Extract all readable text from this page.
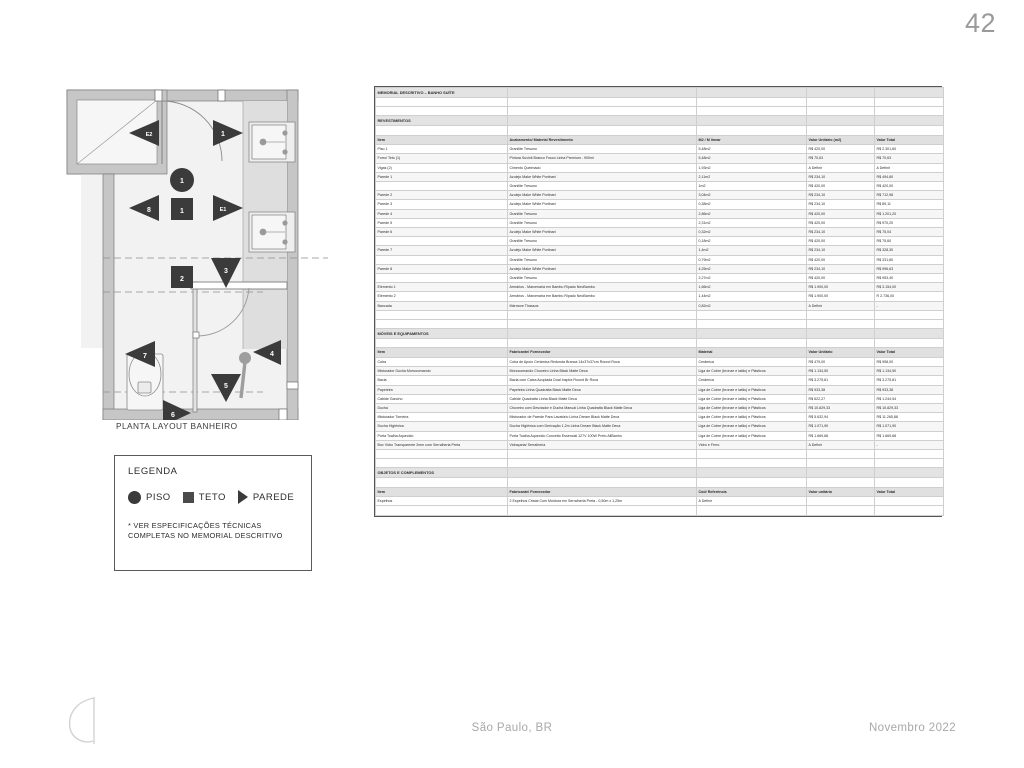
42
E2	1
1
1
8	E1
2
3
7	4
5
6
PLANTA LAYOUT BANHEIRO
LEGENDA
PISO	TETO	PAREDE
* VER ESPECIFICAÇÕES TÉCNICAS
COMPLETAS NO MEMORIAL DESCRITIVO
MEMORIAL DESCRITIVO – BANHO SUÍTE				

REVESTIMENTOS				

Item	Acabamento/ Material Revestimento	M2 / M linear	Valor Unitário (m2)	Valor Total
Piso 1	Granilite Tresuno	5,48m2	R$ 420,00	R$ 2.301,60
Forro/ Teto (1)	Pintura Suvinil Branco Fosco Linha Premium - 900ml	5,48m2	R$ 70,63	R$ 70,63
Vigas (2)	Cimento Queimado	1,93m2	A Definir	A Definir
Parede 1	Azulejo Make White Portinari	2,11m2	R$ 234,10	R$ 494,80
	Granilite Tresuno	1m2	R$ 420,00	R$ 420,00
Parede 2	Azulejo Make White Portinari	3,04m2	R$ 234,10	R$ 712,98
Parede 3	Azulejo Make White Portinari	0,38m2	R$ 234,10	R$ 89,11
Parede 4	Granilite Tresuno	2,86m2	R$ 420,00	R$ 1.201,20
Parede 5	Granilite Tresuno	2,31m2	R$ 420,00	R$ 970,20
Parede 6	Azulejo Make White Portinari	0,32m2	R$ 234,10	R$ 75,04
	Granilite Tresuno	0,18m2	R$ 420,00	R$ 75,60
Parede 7	Azulejo Make White Portinari	1,4m2	R$ 234,10	R$ 328,30
	Granilite Tresuno	0,79m2	R$ 420,00	R$ 331,80
Parede 8	Azulejo Make White Portinari	4,25m2	R$ 234,10	R$ 996,63
	Granilite Tresuno	2,27m2	R$ 420,00	R$ 953,40
Elemento 1	Armários - Marcenaria em Bambu Ripado NeoBambu	1,66m2	R$ 1.900,00	R$ 3.154,00
Elemento 2	Armários - Marcenaria em Bambu Ripado NeoBambu	1,44m2	R$ 1.900,00	R 2.736,00
Bancada	Mármore Thassos	0,82m2	A Definir	-

MÓVEIS E EQUIPAMENTOS				

Item	Fabricante/ Fornecedor	Material	Valor Unitário	Valor Total
Cuba	Cuba de Apoio Cerâmica Redonda Branca 14x37x37cm Round Roca	Cerâmica	R$ 479,00	R$ 958,00
Misturador Ducha Monocomando	Monocomando Chuveiro Linha Black Matte Deca	Liga de Cobre (bronze e latão) e Plásticos	R$ 1.134,50	R$ 1.134,50
Bacia	Bacia com Caixa Acoplada Dual Inspira Round Br Roca	Cerâmica	R$ 3.275,81	R$ 3.275,81
Papeleira	Papeleira Linha Quadratta Black Matte Deca	Liga de Cobre (bronze e latão) e Plásticos	R$ 933,38	R$ 933,38
Cabide Gancho	Cabide Quadratta Linha Black Matte Deca	Liga de Cobre (bronze e latão) e Plásticos	R$ 622,27	R$ 1.244,54
Ducha	Chuveiro com Desviador e Ducha Manual Linha Quadratta Black Matte Deca	Liga de Cobre (bronze e latão) e Plásticos	R$ 10.829,33	R$ 10.829,33
Misturador Torneira	Misturador de Parede Para Lavatório Linha Dream Black Matte Deca	Liga de Cobre (bronze e latão) e Plásticos	R$ 5.632,94	R$ 11.265,88
Ducha Higiênica	Ducha Higiênica com Derivação 1,2m Linha Dream Black Matte Deca	Liga de Cobre (bronze e latão) e Plásticos	R$ 1.071,90	R$ 1.071,90
Porta Toalha Aquecido	Porta Toalha Aquecido Concetto Essencial 127V 100W Preto AllBanho	Liga de Cobre (bronze e latão) e Plásticos	R$ 1.669,68	R$ 1.669,68
Box Vidro Transparente 2mm com Serralheria Preta	Vidraçaria/ Serralheria	Vidro e Ferro	A Definir	-

OBJETOS E COMPLEMENTOS				

Item	Fabricante/ Fornecedor	Cód/ Referência	Valor unitário	Valor Total
Espelhos	2 Espelhos Cristal Com Moldura em Serralheria Preta - 0,50m x 1,25m	A Definir		

São Paulo, BR	Novembro 2022
